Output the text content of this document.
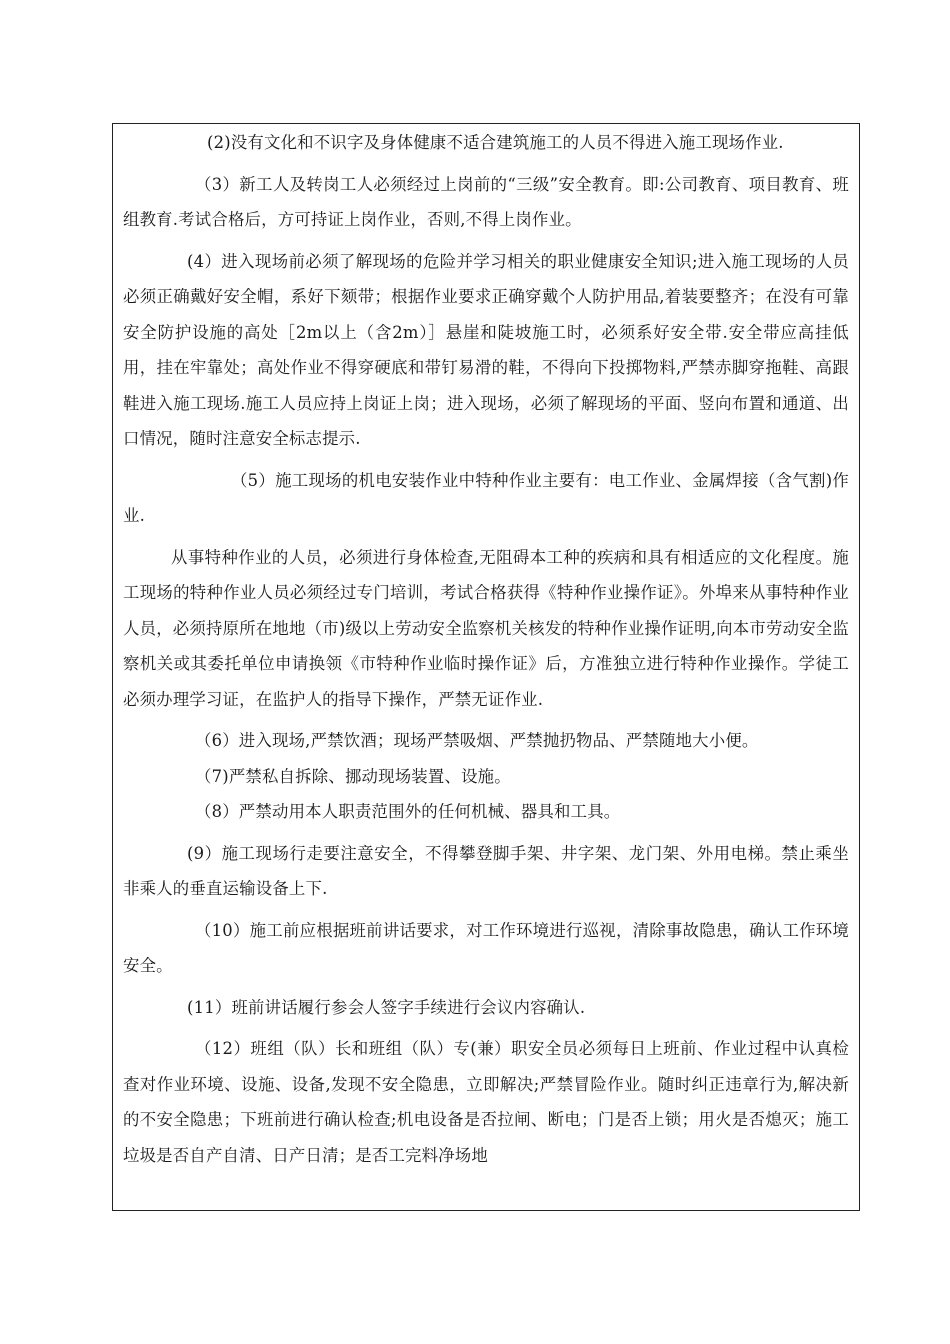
(2)没有文化和不识字及身体健康不适合建筑施工的人员不得进入施工现场作业.

（3）新工人及转岗工人必须经过上岗前的“三级”安全教育。即:公司教育、项目教育、班组教育.考试合格后，方可持证上岗作业，否则,不得上岗作业。

(4）进入现场前必须了解现场的危险并学习相关的职业健康安全知识;进入施工现场的人员必须正确戴好安全帽，系好下颏带；根据作业要求正确穿戴个人防护用品,着装要整齐；在没有可靠安全防护设施的高处［2m以上（含2m）］悬崖和陡坡施工时，必须系好安全带.安全带应高挂低用，挂在牢靠处；高处作业不得穿硬底和带钉易滑的鞋，不得向下投掷物料,严禁赤脚穿拖鞋、高跟鞋进入施工现场.施工人员应持上岗证上岗；进入现场，必须了解现场的平面、竖向布置和通道、出口情况，随时注意安全标志提示.

（5）施工现场的机电安装作业中特种作业主要有：电工作业、金属焊接（含气割)作业.

从事特种作业的人员，必须进行身体检查,无阻碍本工种的疾病和具有相适应的文化程度。施工现场的特种作业人员必须经过专门培训，考试合格获得《特种作业操作证》。外埠来从事特种作业人员，必须持原所在地地（市)级以上劳动安全监察机关核发的特种作业操作证明,向本市劳动安全监察机关或其委托单位申请换领《市特种作业临时操作证》后，方准独立进行特种作业操作。学徒工必须办理学习证，在监护人的指导下操作，严禁无证作业.

（6）进入现场,严禁饮酒；现场严禁吸烟、严禁抛扔物品、严禁随地大小便。

（7)严禁私自拆除、挪动现场装置、设施。

（8）严禁动用本人职责范围外的任何机械、器具和工具。

(9）施工现场行走要注意安全，不得攀登脚手架、井字架、龙门架、外用电梯。禁止乘坐非乘人的垂直运输设备上下.

（10）施工前应根据班前讲话要求，对工作环境进行巡视，清除事故隐患，确认工作环境安全。

(11）班前讲话履行参会人签字手续进行会议内容确认.

（12）班组（队）长和班组（队）专(兼）职安全员必须每日上班前、作业过程中认真检查对作业环境、设施、设备,发现不安全隐患，立即解决;严禁冒险作业。随时纠正违章行为,解决新的不安全隐患；下班前进行确认检查;机电设备是否拉闸、断电；门是否上锁；用火是否熄灭；施工垃圾是否自产自清、日产日清；是否工完料净场地
